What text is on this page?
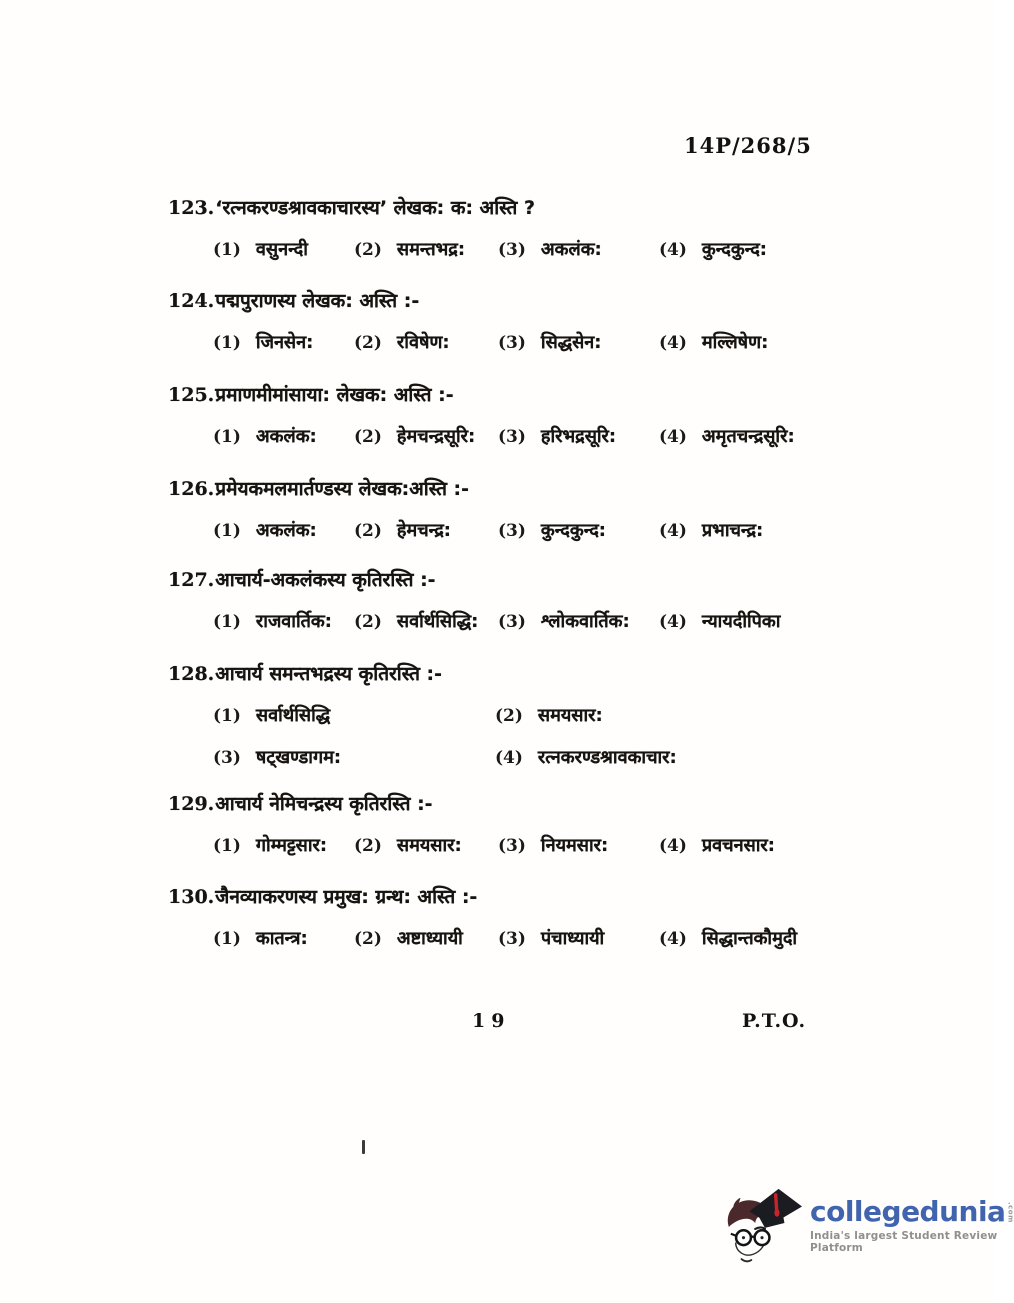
14P/268/5
123.‘रत्नकरण्डश्रावकाचारस्य’ लेखक: क: अस्ति ?
(1) वसुनन्दी	(2) समन्तभद्र: (3) अकलंक:	(4) कुन्दकुन्द:
124.पद्मपुराणस्य लेखक: अस्ति :-
(1) जिनसेन: (2) रविषेण:	(3) सिद्धसेन:	(4) मल्लिषेण:
125.प्रमाणमीमांसाया: लेखक: अस्ति :-
(1) अकलंक: (2) हेमचन्द्रसूरि: (3) हरिभद्रसूरि:	(4) अमृतचन्द्रसूरि:
126.प्रमेयकमलमार्तण्डस्य लेखक:अस्ति :-
(1) अकलंक: (2) हेमचन्द्र:	(3) कुन्दकुन्द:	(4) प्रभाचन्द्र:
127.आचार्य-अकलंकस्य कृतिरस्ति :-
(1) राजवार्तिक: (2) सर्वार्थसिद्धि: (3) श्लोकवार्तिक: (4) न्यायदीपिका
128.आचार्य समन्तभद्रस्य कृतिरस्ति :-
(1) सर्वार्थसिद्धि	(2) समयसार:
(3) षट्खण्डागम:	(4) रत्नकरण्डश्रावकाचार:
129.आचार्य नेमिचन्द्रस्य कृतिरस्ति :-
(1) गोम्मट्टसार: (2) समयसार: (3) नियमसार:	(4) प्रवचनसार:
130.जैनव्याकरणस्य प्रमुख: ग्रन्थ: अस्ति :-
(1) कातन्त्र:	(2) अष्टाध्यायी (3) पंचाध्यायी	(4) सिद्धान्तकौमुदी
19	P.T.O.
collegedunia .com
India's largest Student Review Platform
